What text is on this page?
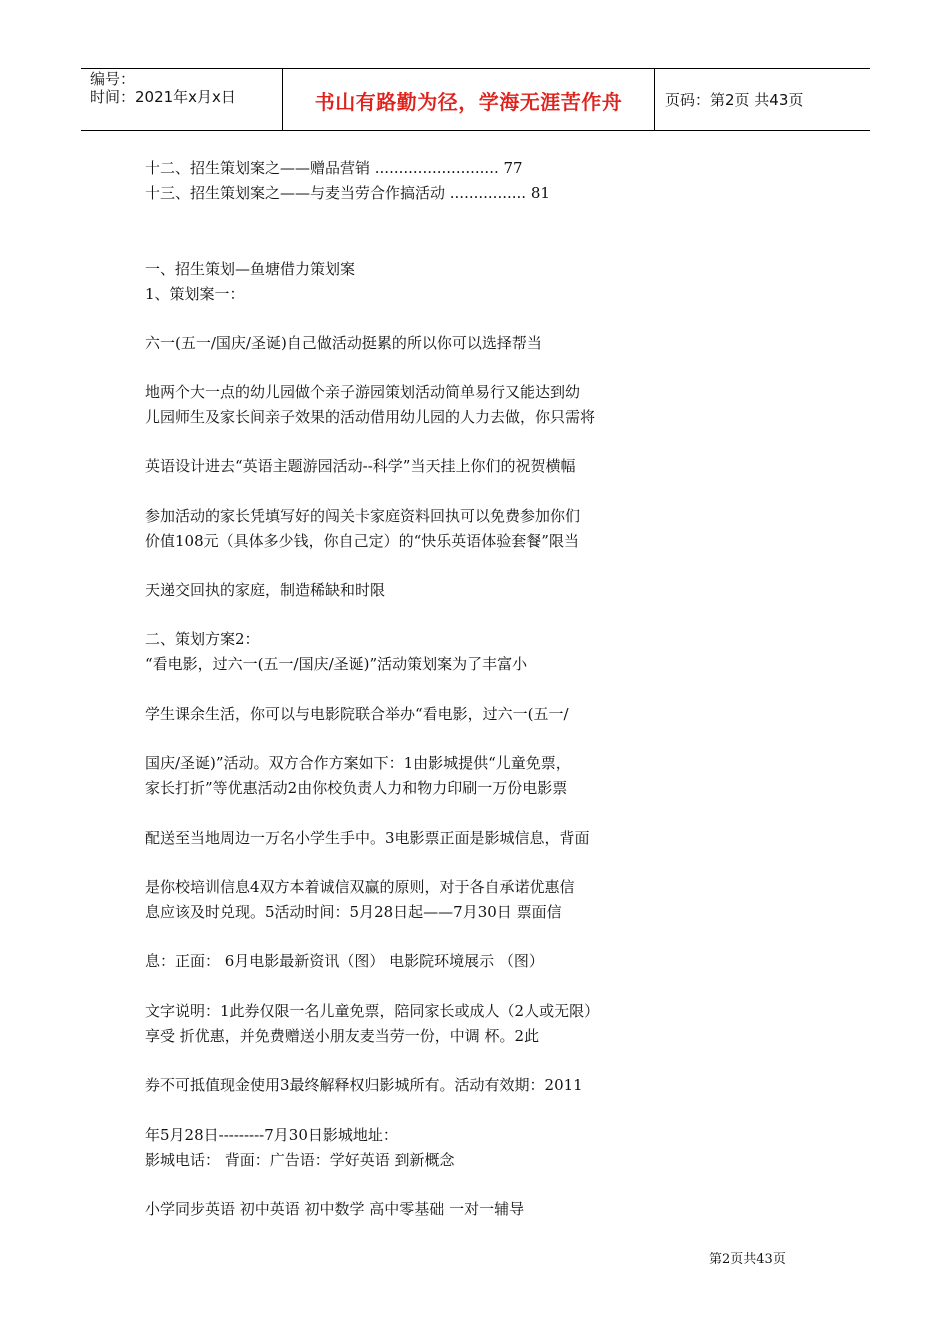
编号：
时间：2021年x月x日	书山有路勤为径，学海无涯苦作舟	页码：第2页 共43页
十二、招生策划案之——赠品营销 .......................... 77
十三、招生策划案之——与麦当劳合作搞活动 ................ 81
一、招生策划—鱼塘借力策划案
1、策划案一：
六一(五一/国庆/圣诞)自己做活动挺累的所以你可以选择帮当
地两个大一点的幼儿园做个亲子游园策划活动简单易行又能达到幼
儿园师生及家长间亲子效果的活动借用幼儿园的人力去做，你只需将
英语设计进去“英语主题游园活动--科学”当天挂上你们的祝贺横幅
参加活动的家长凭填写好的闯关卡家庭资料回执可以免费参加你们
价值108元（具体多少钱，你自己定）的“快乐英语体验套餐”限当
天递交回执的家庭，制造稀缺和时限
二、策划方案2：
“看电影，过六一(五一/国庆/圣诞)”活动策划案为了丰富小
学生课余生活，你可以与电影院联合举办“看电影，过六一(五一/
国庆/圣诞)”活动。双方合作方案如下：1由影城提供“儿童免票，
家长打折”等优惠活动2由你校负责人力和物力印刷一万份电影票
配送至当地周边一万名小学生手中。3电影票正面是影城信息，背面
是你校培训信息4双方本着诚信双赢的原则，对于各自承诺优惠信
息应该及时兑现。5活动时间：5月28日起——7月30日 票面信
息：正面： 6月电影最新资讯（图） 电影院环境展示 （图）
文字说明：1此券仅限一名儿童免票，陪同家长或成人（2人或无限）
享受 折优惠，并免费赠送小朋友麦当劳一份，中调 杯。2此
券不可抵值现金使用3最终解释权归影城所有。活动有效期：2011
年5月28日---------7月30日影城地址：
影城电话： 背面：广告语：学好英语 到新概念
小学同步英语 初中英语 初中数学 高中零基础 一对一辅导
第2页共43页
